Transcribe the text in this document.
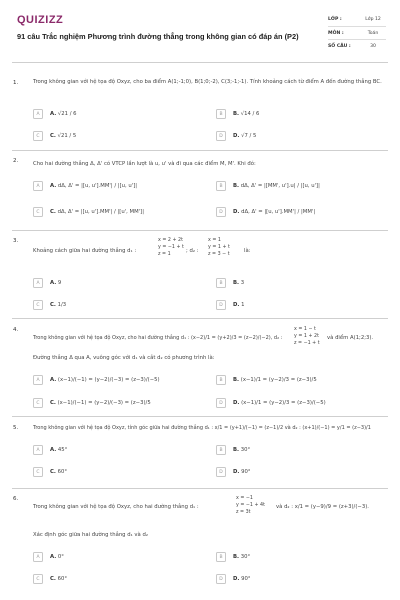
QUIZIZZ
91 câu Trắc nghiệm Phương trình đường thẳng trong không gian có đáp án (P2)
LỚP :	Lớp 12
MÔN :	Toán
SỐ CÂU :	30
1.	Trong không gian với hệ tọa độ Oxyz, cho ba điểm A(1;-1;0), B(1;0;-2), C(3;-1;-1). Tính khoảng cách từ điểm A đến đường thẳng BC.
A	A. √21 / 6	B	B. √14 / 6
C	C. √21 / 5	D	D. √7 / 5
2.	Cho hai đường thẳng Δ, Δ' có VTCP lần lượt là u, u' và đi qua các điểm M, M'. Khi đó:
A	A. dΔ, Δ' = |[u, u'].MM'| / |[u, u']|	B	B. dΔ, Δ' = |[MM', u'].u| / |[u, u']|
C	C. dΔ, Δ' = |[u, u'].MM'| / |[u', MM']|	D	D. dΔ, Δ' = |[u, u'].MM'| / |MM'|
3.	x = 2 + 2t
y = −1 + t
z = 1
x = 1
y = 1 + t
z = 3 − t
Khoảng cách giữa hai đường thẳng d₁ :	; d₂ :	là:
A	A. 9	B	B. 3
C	C. 1/3	D	D. 1
4.	x = 1 − t
y = 1 + 2t
z = −1 + t
Trong không gian với hệ tọa độ Oxyz, cho hai đường thẳng d₁ : (x−2)/1 = (y+2)/3 = (z−2)/(−2), d₂ :	và điểm A(1;2;3).
Đường thẳng Δ qua A, vuông góc với d₁ và cắt d₂ có phương trình là:
A	A. (x−1)/(−1) = (y−2)/(−3) = (z−3)/(−5)	B	B. (x−1)/1 = (y−2)/3 = (z−3)/5
C	C. (x−1)/(−1) = (y−2)/(−3) = (z−3)/5	D	D. (x−1)/1 = (y−2)/3 = (z−3)/(−5)
5.	Trong không gian với hệ tọa độ Oxyz, tính góc giữa hai đường thẳng d₁ : x/1 = (y+1)/(−1) = (z−1)/2 và d₂ : (x+1)/(−1) = y/1 = (z−3)/1
A	A. 45°	B	B. 30°
C	C. 60°	D	D. 90°
6.	x = −1
y = −1 + 4t
z = 3t
Trong không gian với hệ tọa độ Oxyz, cho hai đường thẳng d₁ :	và d₂ : x/1 = (y−9)/9 = (z+3)/(−3).
Xác định góc giữa hai đường thẳng d₁ và d₂
A	A. 0°	B	B. 30°
C	C. 60°	D	D. 90°
